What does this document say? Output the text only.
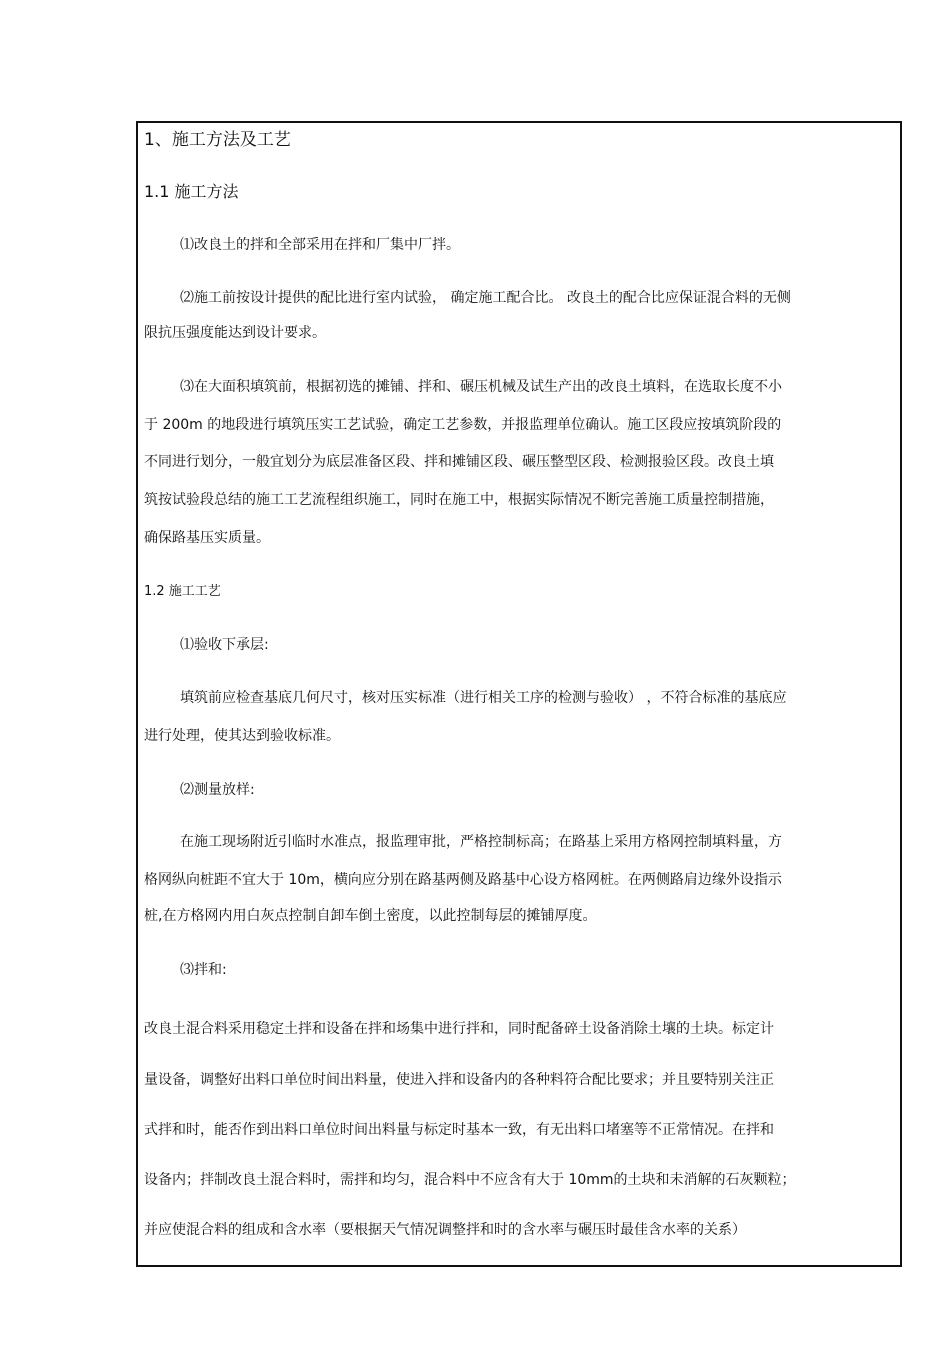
1、施工方法及工艺
1.1 施工方法
⑴改良土的拌和全部采用在拌和厂集中厂拌。
⑵施工前按设计提供的配比进行室内试验， 确定施工配合比。 改良土的配合比应保证混合料的无侧
限抗压强度能达到设计要求。
⑶在大面积填筑前，根据初选的摊铺、拌和、碾压机械及试生产出的改良土填料，在选取长度不小
于 200m 的地段进行填筑压实工艺试验，确定工艺参数，并报监理单位确认。施工区段应按填筑阶段的
不同进行划分，一般宜划分为底层准备区段、拌和摊铺区段、碾压整型区段、检测报验区段。改良土填
筑按试验段总结的施工工艺流程组织施工，同时在施工中，根据实际情况不断完善施工质量控制措施，
确保路基压实质量。
1.2 施工工艺
⑴验收下承层:
填筑前应检查基底几何尺寸，核对压实标准（进行相关工序的检测与验收） ，不符合标准的基底应
进行处理，使其达到验收标准。
⑵测量放样:
在施工现场附近引临时水准点，报监理审批，严格控制标高；在路基上采用方格网控制填料量，方
格网纵向桩距不宜大于 10m，横向应分别在路基两侧及路基中心设方格网桩。在两侧路肩边缘外设指示
桩,在方格网内用白灰点控制自卸车倒土密度，以此控制每层的摊铺厚度。
⑶拌和:
改良土混合料采用稳定土拌和设备在拌和场集中进行拌和，同时配备碎土设备消除土壤的土块。标定计
量设备，调整好出料口单位时间出料量，使进入拌和设备内的各种料符合配比要求；并且要特别关注正
式拌和时，能否作到出料口单位时间出料量与标定时基本一致，有无出料口堵塞等不正常情况。在拌和
设备内；拌制改良土混合料时，需拌和均匀，混合料中不应含有大于 10mm的土块和未消解的石灰颗粒；
并应使混合料的组成和含水率（要根据天气情况调整拌和时的含水率与碾压时最佳含水率的关系）
